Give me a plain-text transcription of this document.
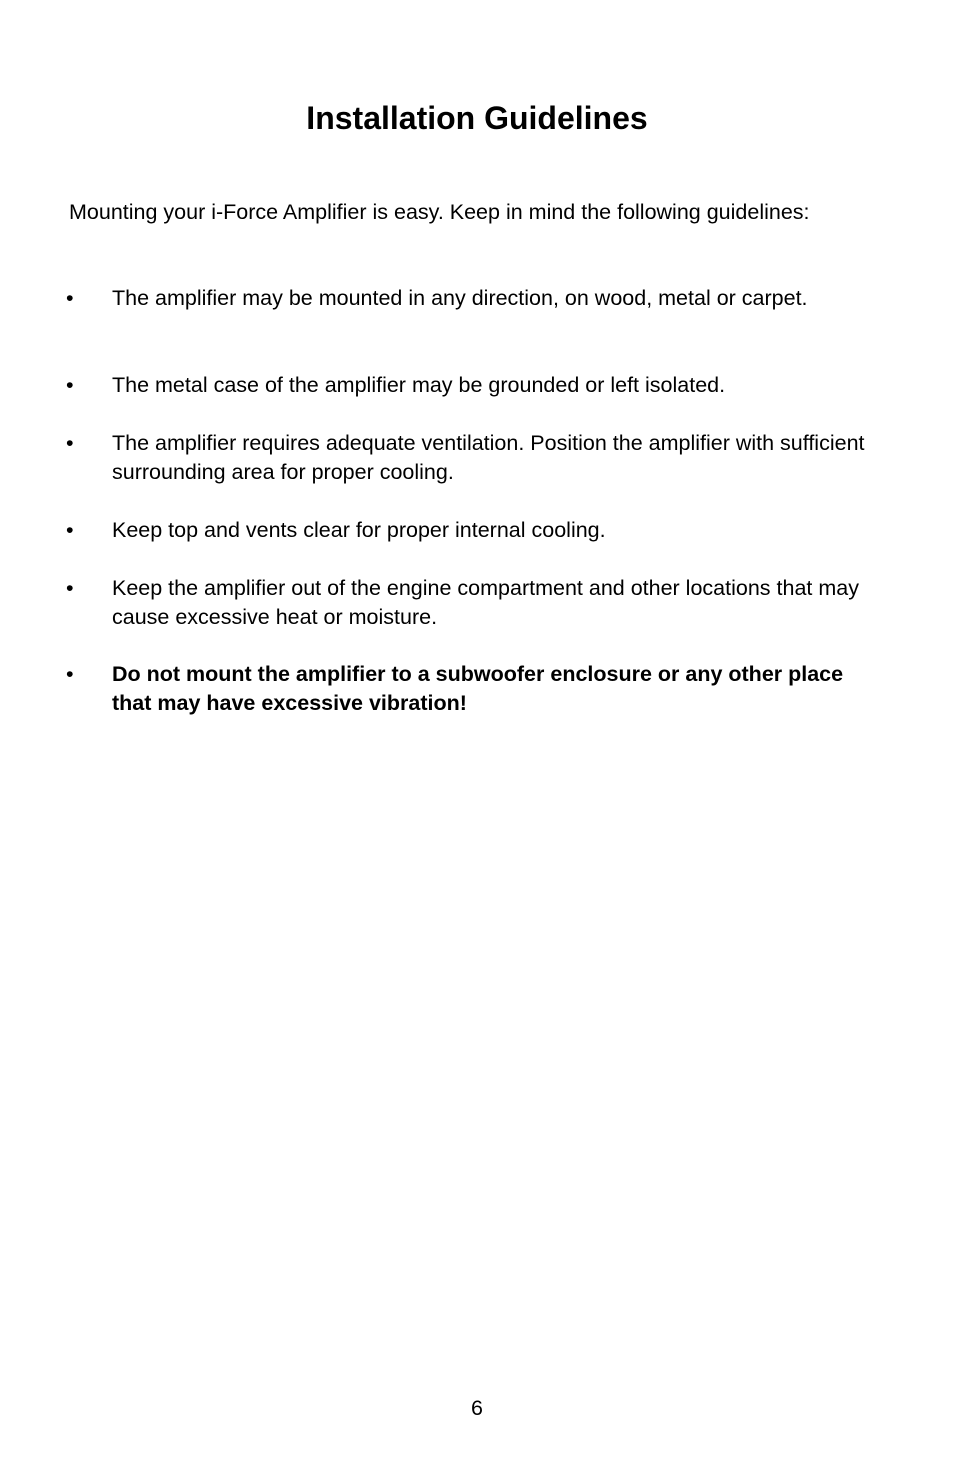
Installation Guidelines

Mounting your i-Force Amplifier is easy. Keep in mind the following guidelines:

•	The amplifier may be mounted in any direction, on wood, metal or carpet.
•	The metal case of the amplifier may be grounded or left isolated.
•	The amplifier requires adequate ventilation. Position the amplifier with sufficient surrounding area for proper cooling.
•	Keep top and vents clear for proper internal cooling.
•	Keep the amplifier out of the engine compartment and other locations that may cause excessive heat or moisture.
•	Do not mount the amplifier to a subwoofer enclosure or any other place that may have excessive vibration!
6
